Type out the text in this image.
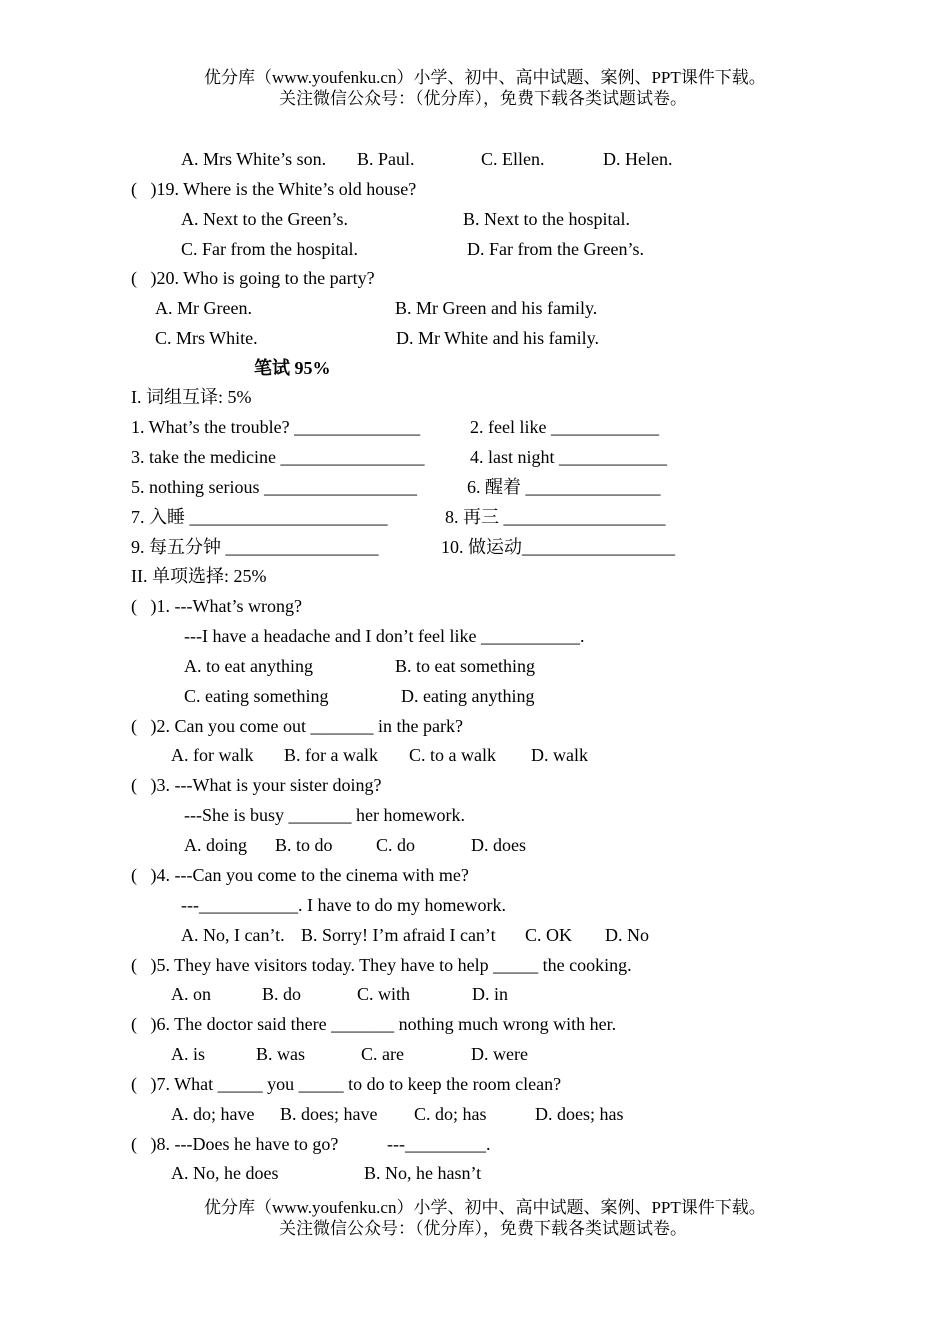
优分库（www.youfenku.cn）小学、初中、高中试题、案例、PPT课件下载。
关注微信公众号：（优分库），免费下载各类试题试卷。
A. Mrs White’s son. B. Paul.	C. Ellen.	D. Helen.
(   )19. Where is the White’s old house?
A. Next to the Green’s.	B. Next to the hospital.
C. Far from the hospital.	D. Far from the Green’s.
(   )20. Who is going to the party?
A. Mr Green.	B. Mr Green and his family.
C. Mrs White.	D. Mr White and his family.
笔试 95%
I. 词组互译: 5%
1. What’s the trouble? ______________	2. feel like ____________
3. take the medicine ________________	4. last night ____________
5. nothing serious _________________	6. 醒着 _______________
7. 入睡 ______________________	8. 再三 __________________
9. 每五分钟 _________________	10. 做运动_________________
II. 单项选择: 25%
(   )1. ---What’s wrong?
---I have a headache and I don’t feel like ___________.
A. to eat anything	B. to eat something
C. eating something	D. eating anything
(   )2. Can you come out _______ in the park?
A. for walk B. for a walk C. to a walk D. walk
(   )3. ---What is your sister doing?
---She is busy _______ her homework.
A. doing B. to do C. do	D. does
(   )4. ---Can you come to the cinema with me?
---___________. I have to do my homework.
A. No, I can’t. B. Sorry! I’m afraid I can’t C. OK D. No
(   )5. They have visitors today. They have to help _____ the cooking.
A. on	B. do	C. with	D. in
(   )6. The doctor said there _______ nothing much wrong with her.
A. is	B. was	C. are	D. were
(   )7. What _____ you _____ to do to keep the room clean?
A. do; have B. does; have C. do; has	D. does; has
(   )8. ---Does he have to go?	---_________.
A. No, he does	B. No, he hasn’t
优分库（www.youfenku.cn）小学、初中、高中试题、案例、PPT课件下载。
关注微信公众号：（优分库），免费下载各类试题试卷。
